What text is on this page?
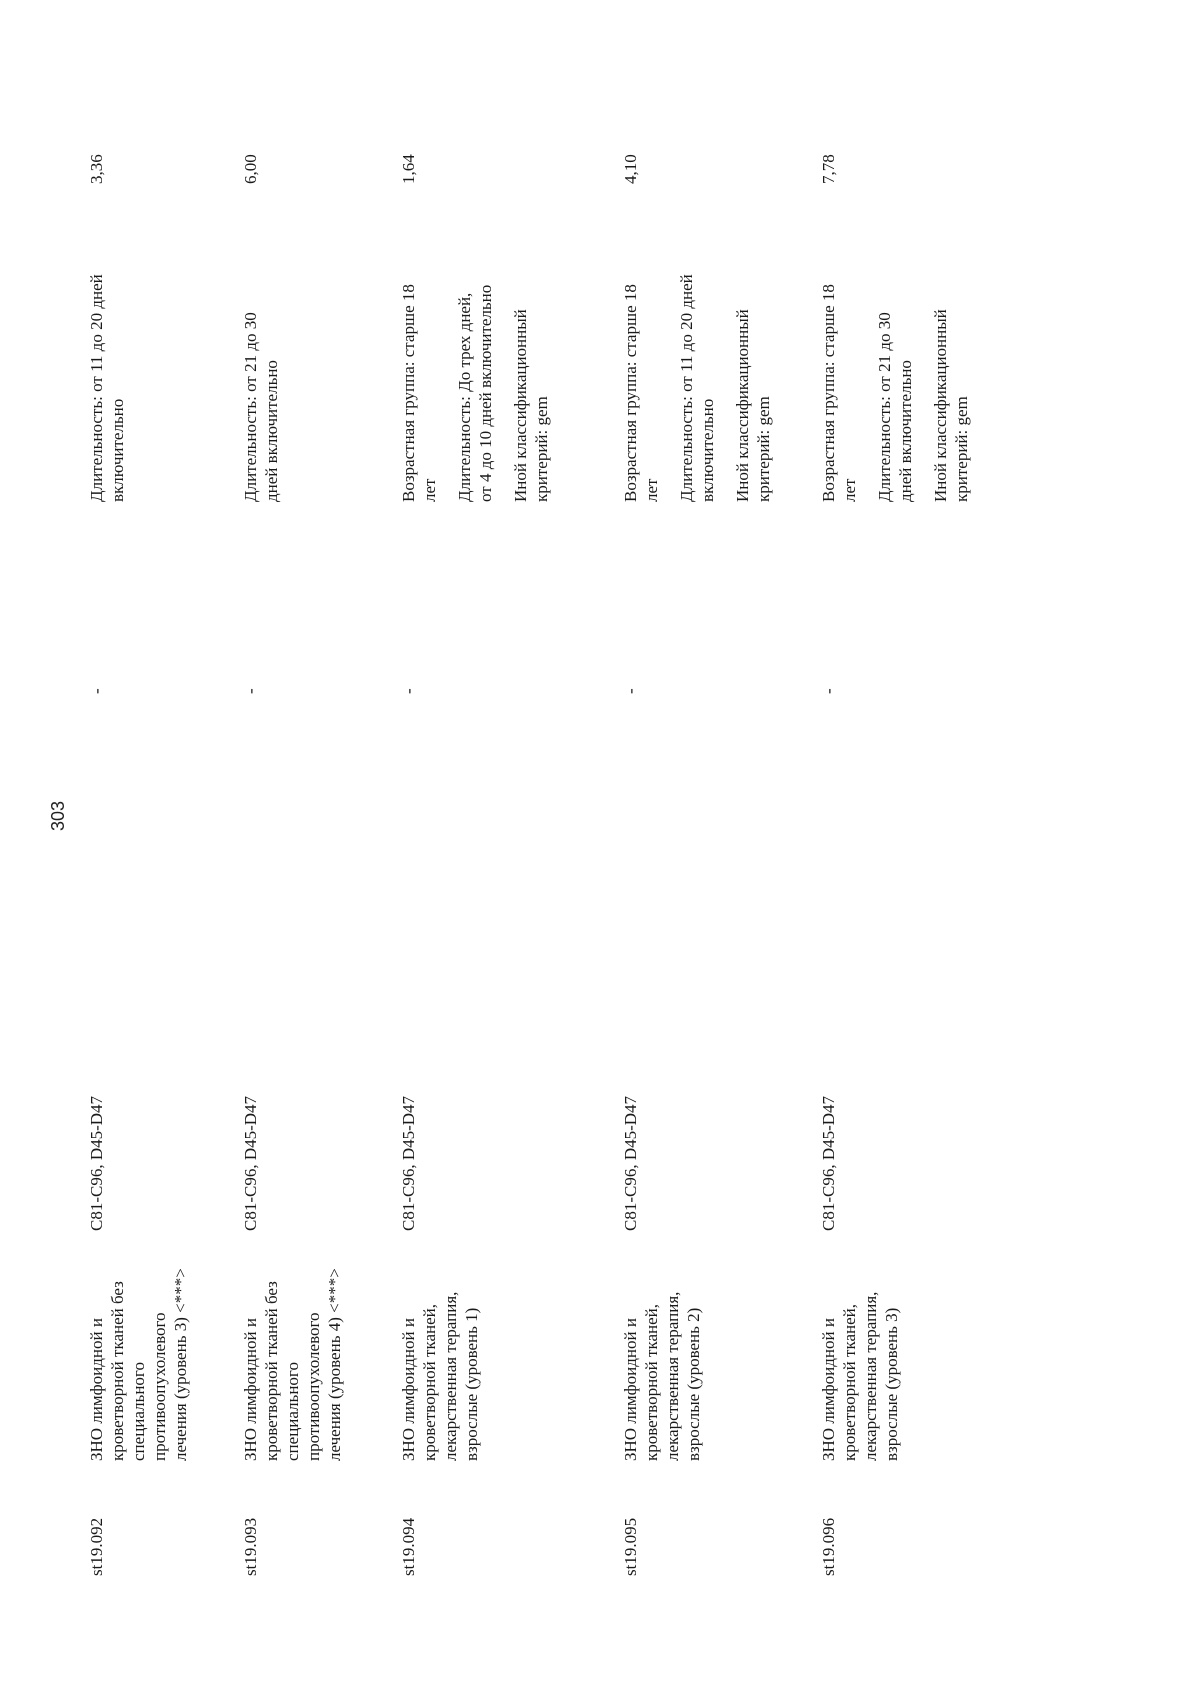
303
st19.092
ЗНО лимфоидной и кроветворной тканей без специального противоопухолевого лечения (уровень 3) <***>
C81-C96, D45-D47
-
Длительность: от 11 до 20 дней включительно
3,36
st19.093
ЗНО лимфоидной и кроветворной тканей без специального противоопухолевого лечения (уровень 4) <***>
C81-C96, D45-D47
-
Длительность: от 21 до 30 дней включительно
6,00
st19.094
ЗНО лимфоидной и кроветворной тканей, лекарственная терапия, взрослые (уровень 1)
C81-C96, D45-D47
-
Возрастная группа: старше 18 лет Длительность: До трех дней, от 4 до 10 дней включительно Иной классификационный критерий: gem
1,64
st19.095
ЗНО лимфоидной и кроветворной тканей, лекарственная терапия, взрослые (уровень 2)
C81-C96, D45-D47
-
Возрастная группа: старше 18 лет Длительность: от 11 до 20 дней включительно Иной классификационный критерий: gem
4,10
st19.096
ЗНО лимфоидной и кроветворной тканей, лекарственная терапия, взрослые (уровень 3)
C81-C96, D45-D47
-
Возрастная группа: старше 18 лет Длительность: от 21 до 30 дней включительно Иной классификационный критерий: gem
7,78
